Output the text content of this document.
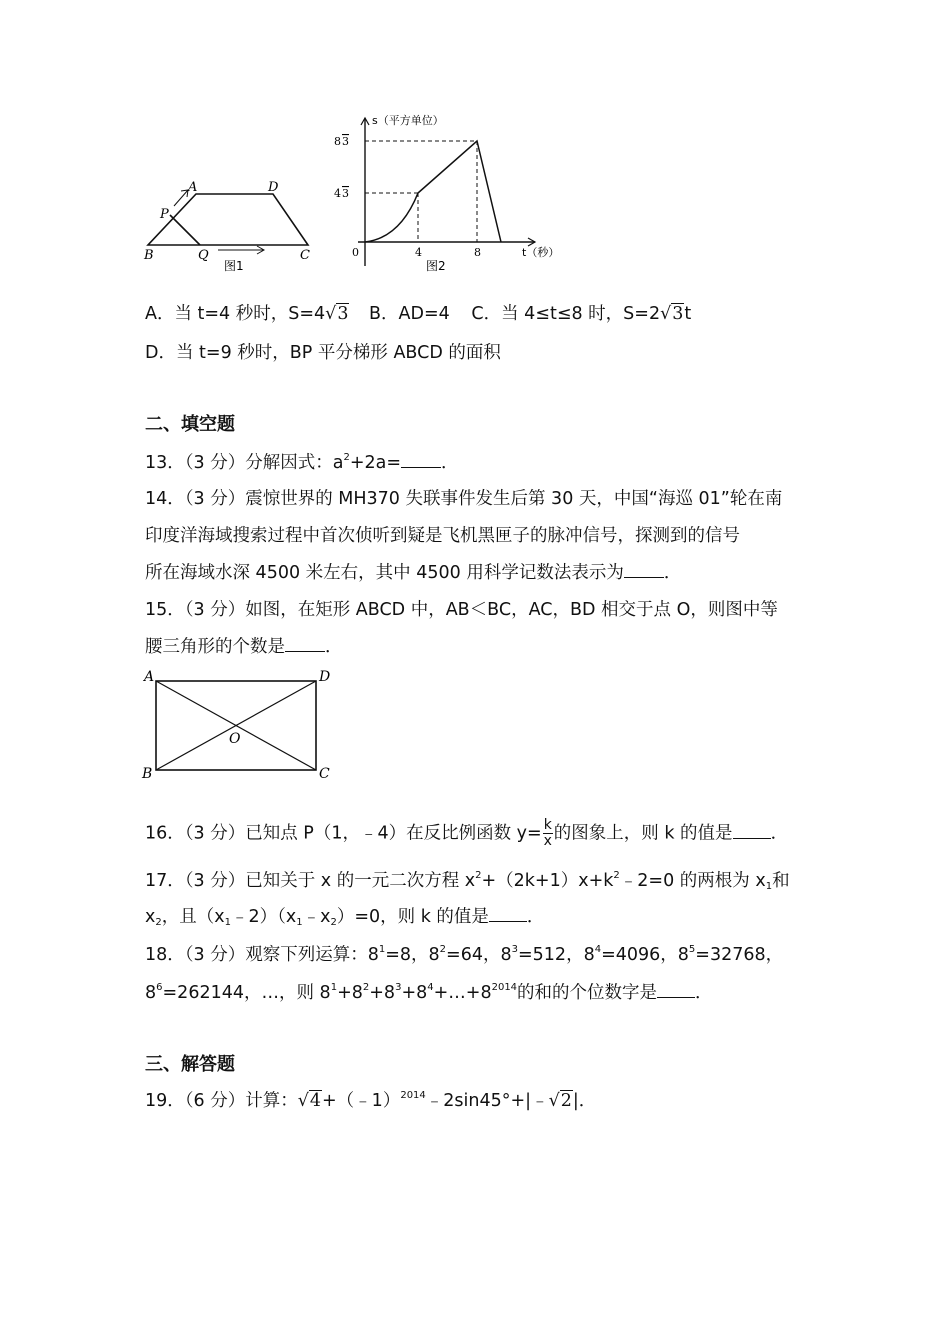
A	D
P
B	Q	C
图1
s（平方单位）
8 3
4 3
0	4	8	t（秒）
图2
A．当 t=4 秒时，S=4√3 B．AD=4 C．当 4≤t≤8 时，S=2√3t
D．当 t=9 秒时，BP 平分梯形 ABCD 的面积
二、填空题
13．（3 分）分解因式：$a^2+2a=$ ．
14．（3 分）震惊世界的 MH370 失联事件发生后第 30 天，中国“海巡 01”轮在南
印度洋海域搜索过程中首次侦听到疑是飞机黑匣子的脉冲信号，探测到的信号
所在海域水深 4500 米左右，其中 4500 用科学记数法表示为 ．
15．（3 分）如图，在矩形 ABCD 中，AB＜BC，AC，BD 相交于点 O，则图中等
腰三角形的个数是 ．
A	D
B	C
O
16．（3 分）已知点 P（1，﹣4）在反比例函数 $y= \frac{k}{x}$ 的图象上，则 k 的值是 ．
17．（3 分）已知关于 x 的一元二次方程 $x^2+(2k+1)x+k^2﹣2=0$ 的两根为 $x_1$和
$x_2$，且$(x_1﹣2)(x_1﹣x_2)=0$，则 k 的值是 ．
18．（3 分）观察下列运算：$8^1=8$，$8^2=64$，$8^3=512$，$8^4=4096$，$8^5=32768$，
$8^6=262144$，…，则 $8^1+8^2+8^3+8^4+\dots+8^{2014}$的和的个位数字是 ．
三、解答题
19．（6 分）计算：√4+（﹣1）$^{2014}$﹣2sin45°+|﹣√2|．
